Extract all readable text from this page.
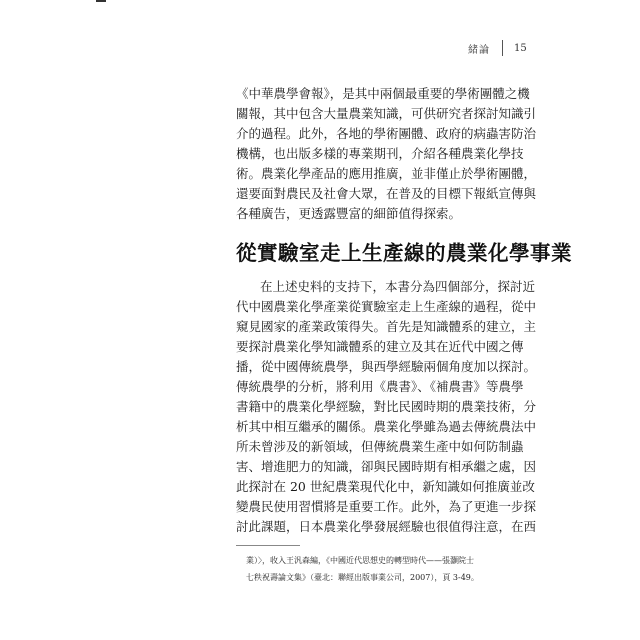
緒論 15
《中華農學會報》，是其中兩個最重要的學術團體之機
關報，其中包含大量農業知識，可供研究者探討知識引
介的過程。此外，各地的學術團體、政府的病蟲害防治
機構，也出版多樣的專業期刊，介紹各種農業化學技
術。農業化學產品的應用推廣，並非僅止於學術團體，
還要面對農民及社會大眾，在普及的目標下報紙宣傳與
各種廣告，更透露豐富的細節值得探索。
從實驗室走上生產線的農業化學事業
在上述史料的支持下，本書分為四個部分，探討近
代中國農業化學產業從實驗室走上生產線的過程，從中
窺見國家的產業政策得失。首先是知識體系的建立，主
要探討農業化學知識體系的建立及其在近代中國之傳
播，從中國傳統農學，與西學經驗兩個角度加以探討。
傳統農學的分析，將利用《農書》、《補農書》等農學
書籍中的農業化學經驗，對比民國時期的農業技術，分
析其中相互繼承的關係。農業化學雖為過去傳統農法中
所未曾涉及的新領域，但傳統農業生產中如何防制蟲
害、增進肥力的知識，卻與民國時期有相承繼之處，因
此探討在 20 世紀農業現代化中，新知識如何推廣並改
變農民使用習慣將是重要工作。此外，為了更進一步探
討此課題，日本農業化學發展經驗也很值得注意，在西
業）〉，收入王汎森編，《中國近代思想史的轉型時代——張灝院士
七秩祝壽論文集》（臺北：聯經出版事業公司，2007），頁 3-49。
